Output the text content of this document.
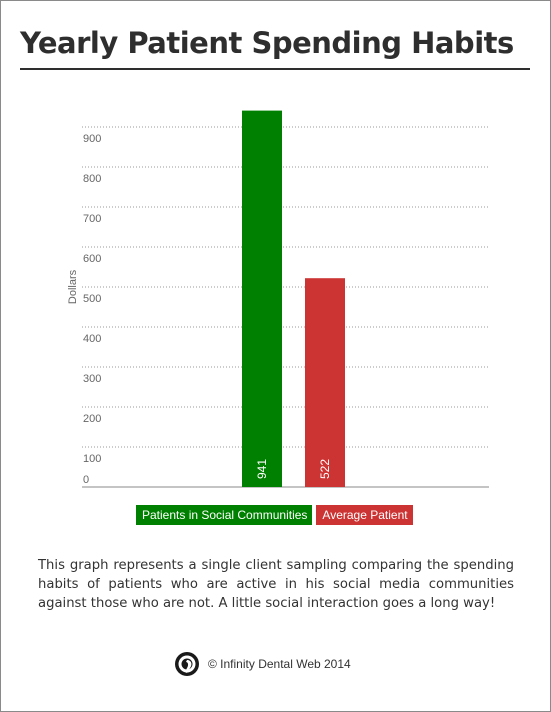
Yearly Patient Spending Habits
0
100
200
300
400
500
600
700
800
900
Dollars
941	522
Patients in Social Communities	Average Patient
This graph represents a single client sampling comparing the spending habits of patients who are active in his social media communities against those who are not. A little social interaction goes a long way!
© Infinity Dental Web 2014
